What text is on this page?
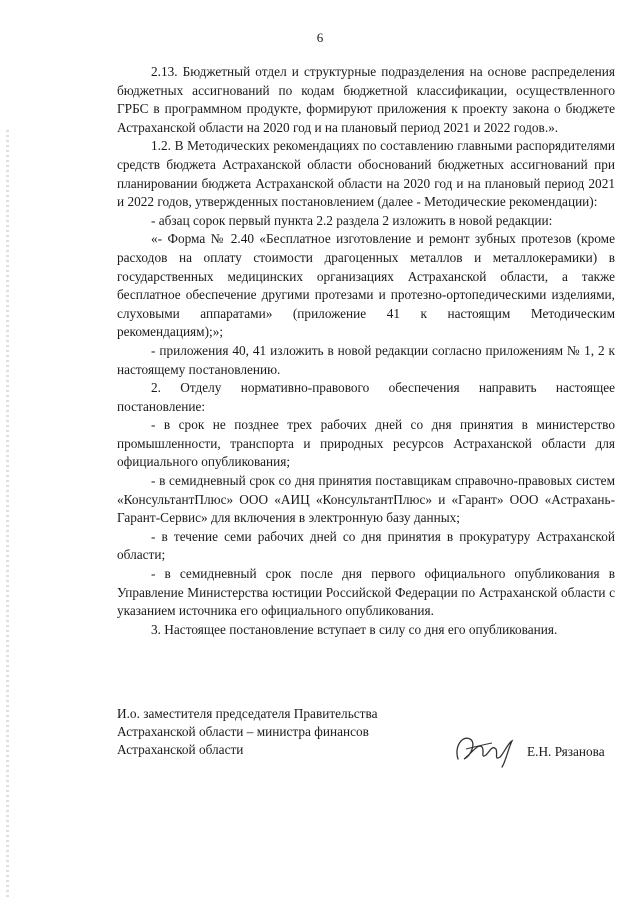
6

2.13. Бюджетный отдел и структурные подразделения на основе распределения бюджетных ассигнований по кодам бюджетной классификации, осуществленного ГРБС в программном продукте, формируют приложения к проекту закона о бюджете Астраханской области на 2020 год и на плановый период 2021 и 2022 годов.».

1.2. В Методических рекомендациях по составлению главными распорядителями средств бюджета Астраханской области обоснований бюджетных ассигнований при планировании бюджета Астраханской области на 2020 год и на плановый период 2021 и 2022 годов, утвержденных постановлением (далее - Методические рекомендации):

- абзац сорок первый пункта 2.2 раздела 2 изложить в новой редакции:

«- Форма № 2.40 «Бесплатное изготовление и ремонт зубных протезов (кроме расходов на оплату стоимости драгоценных металлов и металлокерамики) в государственных медицинских организациях Астраханской области, а также бесплатное обеспечение другими протезами и протезно-ортопедическими изделиями, слуховыми аппаратами» (приложение 41 к настоящим Методическим рекомендациям);»;

- приложения 40, 41 изложить в новой редакции согласно приложениям № 1, 2 к настоящему постановлению.

2. Отделу нормативно-правового обеспечения направить настоящее постановление:

- в срок не позднее трех рабочих дней со дня принятия в министерство промышленности, транспорта и природных ресурсов Астраханской области для официального опубликования;

- в семидневный срок со дня принятия поставщикам справочно-правовых систем «КонсультантПлюс» ООО «АИЦ «КонсультантПлюс» и «Гарант» ООО «Астрахань-Гарант-Сервис» для включения в электронную базу данных;

- в течение семи рабочих дней со дня принятия в прокуратуру Астраханской области;

- в семидневный срок после дня первого официального опубликования в Управление Министерства юстиции Российской Федерации по Астраханской области с указанием источника его официального опубликования.

3. Настоящее постановление вступает в силу со дня его опубликования.

И.о. заместителя председателя Правительства
Астраханской области – министра финансов
Астраханской области	Е.Н. Рязанова
